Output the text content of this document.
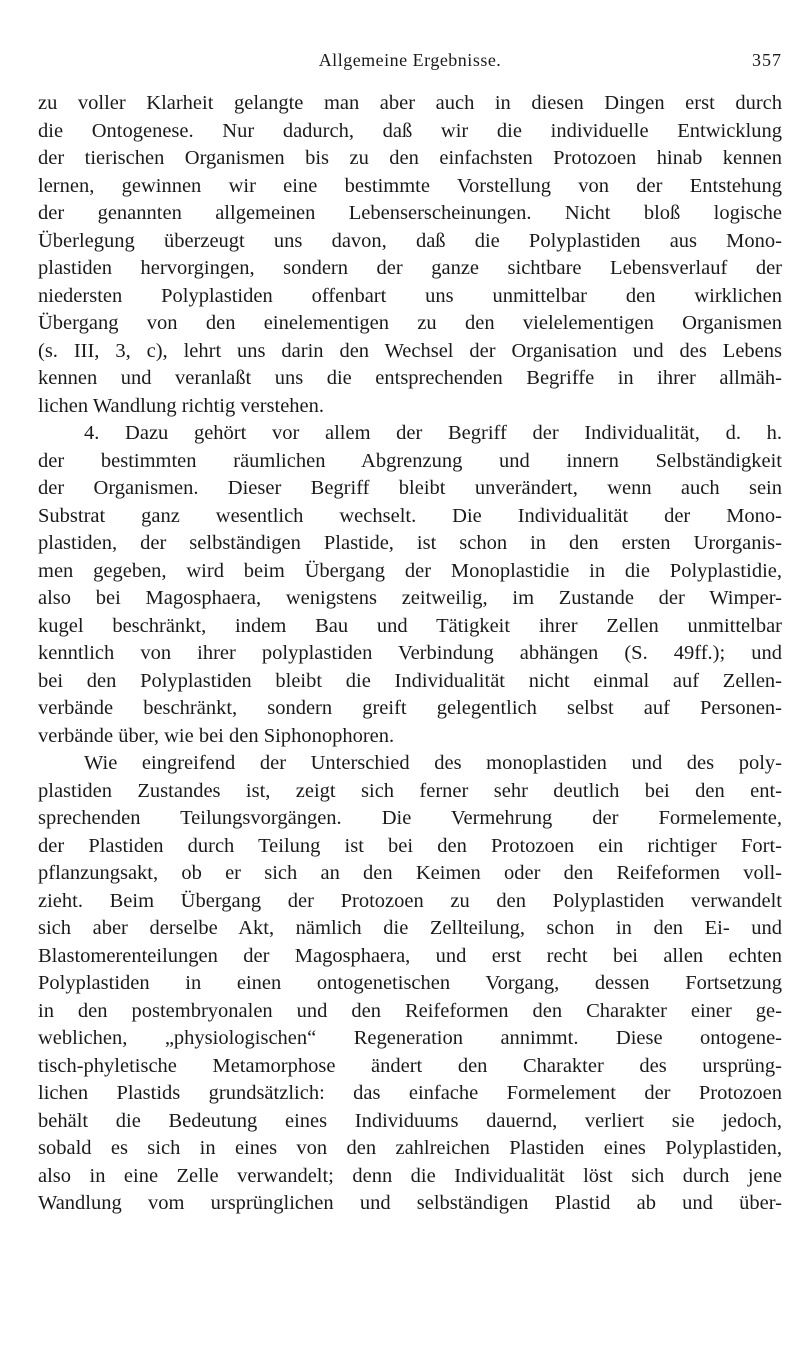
Allgemeine Ergebnisse.	357
zu voller Klarheit gelangte man aber auch in diesen Dingen erst durch
die Ontogenese. Nur dadurch, daß wir die individuelle Entwicklung
der tierischen Organismen bis zu den einfachsten Protozoen hinab kennen
lernen, gewinnen wir eine bestimmte Vorstellung von der Entstehung
der genannten allgemeinen Lebenserscheinungen. Nicht bloß logische
Überlegung überzeugt uns davon, daß die Polyplastiden aus Mono-
plastiden hervorgingen, sondern der ganze sichtbare Lebensverlauf der
niedersten Polyplastiden offenbart uns unmittelbar den wirklichen
Übergang von den einelementigen zu den vielelementigen Organismen
(s. III, 3, c), lehrt uns darin den Wechsel der Organisation und des Lebens
kennen und veranlaßt uns die entsprechenden Begriffe in ihrer allmäh-
lichen Wandlung richtig verstehen.
4. Dazu gehört vor allem der Begriff der Individualität, d. h.
der bestimmten räumlichen Abgrenzung und innern Selbständigkeit
der Organismen. Dieser Begriff bleibt unverändert, wenn auch sein
Substrat ganz wesentlich wechselt. Die Individualität der Mono-
plastiden, der selbständigen Plastide, ist schon in den ersten Urorganis-
men gegeben, wird beim Übergang der Monoplastidie in die Polyplastidie,
also bei Magosphaera, wenigstens zeitweilig, im Zustande der Wimper-
kugel beschränkt, indem Bau und Tätigkeit ihrer Zellen unmittelbar
kenntlich von ihrer polyplastiden Verbindung abhängen (S. 49ff.); und
bei den Polyplastiden bleibt die Individualität nicht einmal auf Zellen-
verbände beschränkt, sondern greift gelegentlich selbst auf Personen-
verbände über, wie bei den Siphonophoren.
Wie eingreifend der Unterschied des monoplastiden und des poly-
plastiden Zustandes ist, zeigt sich ferner sehr deutlich bei den ent-
sprechenden Teilungsvorgängen. Die Vermehrung der Formelemente,
der Plastiden durch Teilung ist bei den Protozoen ein richtiger Fort-
pflanzungsakt, ob er sich an den Keimen oder den Reifeformen voll-
zieht. Beim Übergang der Protozoen zu den Polyplastiden verwandelt
sich aber derselbe Akt, nämlich die Zellteilung, schon in den Ei- und
Blastomerenteilungen der Magosphaera, und erst recht bei allen echten
Polyplastiden in einen ontogenetischen Vorgang, dessen Fortsetzung
in den postembryonalen und den Reifeformen den Charakter einer ge-
weblichen, „physiologischen“ Regeneration annimmt. Diese ontogene-
tisch-phyletische Metamorphose ändert den Charakter des ursprüng-
lichen Plastids grundsätzlich: das einfache Formelement der Protozoen
behält die Bedeutung eines Individuums dauernd, verliert sie jedoch,
sobald es sich in eines von den zahlreichen Plastiden eines Polyplastiden,
also in eine Zelle verwandelt; denn die Individualität löst sich durch jene
Wandlung vom ursprünglichen und selbständigen Plastid ab und über-
